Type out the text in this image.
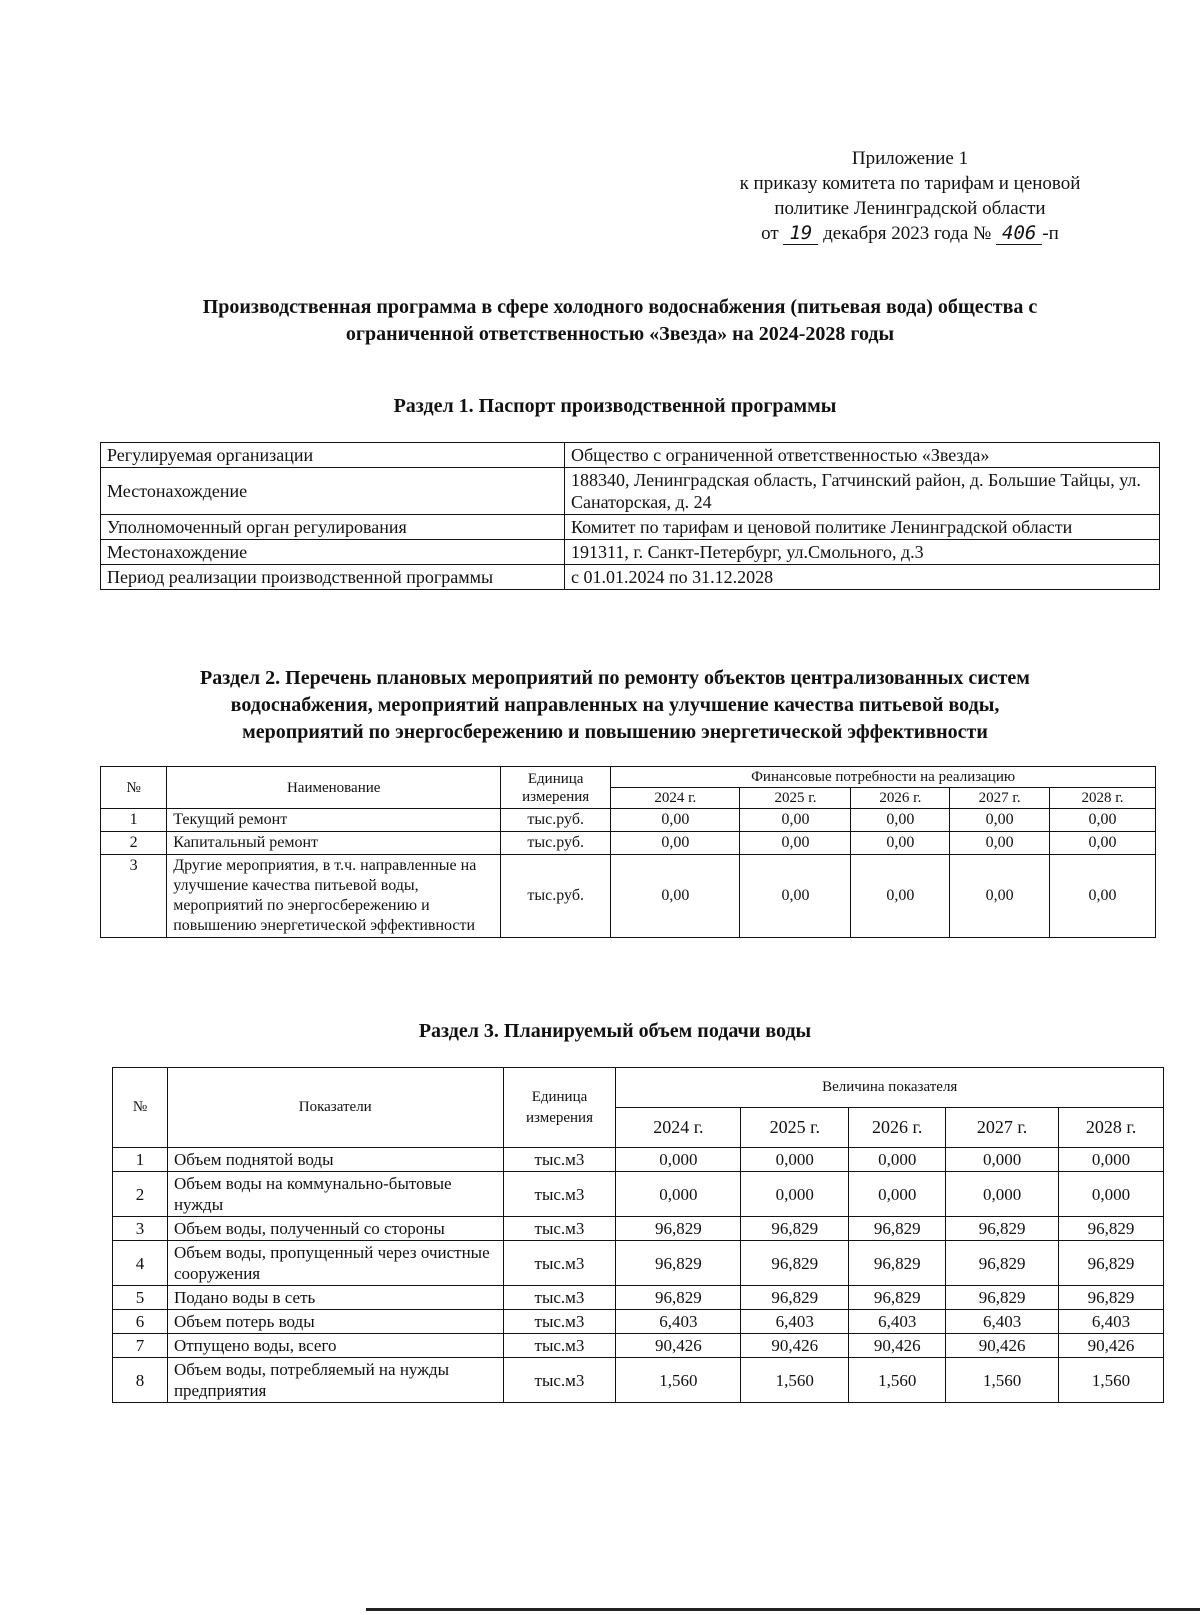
Приложение 1
к приказу комитета по тарифам и ценовой
политике Ленинградской области
от 19 декабря 2023 года № 406 -п
Производственная программа в сфере холодного водоснабжения (питьевая вода) общества с
ограниченной ответственностью «Звезда» на 2024-2028 годы
Раздел 1. Паспорт производственной программы
Регулируемая организации	Общество с ограниченной ответственностью «Звезда»
Местонахождение	188340, Ленинградская область, Гатчинский район, д. Большие Тайцы, ул. Санаторская, д. 24
Уполномоченный орган регулирования	Комитет по тарифам и ценовой политике Ленинградской области
Местонахождение	191311, г. Санкт-Петербург, ул.Смольного, д.3
Период реализации производственной программы	с 01.01.2024 по 31.12.2028
Раздел 2. Перечень плановых мероприятий по ремонту объектов централизованных систем
водоснабжения, мероприятий направленных на улучшение качества питьевой воды,
мероприятий по энергосбережению и повышению энергетической эффективности
№	Наименование	Единица измерения	Финансовые потребности на реализацию				
			2024 г.	2025 г.	2026 г.	2027 г.	2028 г.
1	Текущий ремонт	тыс.руб.	0,00	0,00	0,00	0,00	0,00
2	Капитальный ремонт	тыс.руб.	0,00	0,00	0,00	0,00	0,00
3	Другие мероприятия, в т.ч. направленные на улучшение качества питьевой воды, мероприятий по энергосбережению и повышению энергетической эффективности	тыс.руб.	0,00	0,00	0,00	0,00	0,00
Раздел 3. Планируемый объем подачи воды
№	Показатели	Единица измерения	Величина показателя				
			2024 г.	2025 г.	2026 г.	2027 г.	2028 г.
1	Объем поднятой воды	тыс.м3	0,000	0,000	0,000	0,000	0,000
2	Объем воды на коммунально-бытовые нужды	тыс.м3	0,000	0,000	0,000	0,000	0,000
3	Объем воды, полученный со стороны	тыс.м3	96,829	96,829	96,829	96,829	96,829
4	Объем воды, пропущенный через очистные сооружения	тыс.м3	96,829	96,829	96,829	96,829	96,829
5	Подано воды в сеть	тыс.м3	96,829	96,829	96,829	96,829	96,829
6	Объем потерь воды	тыс.м3	6,403	6,403	6,403	6,403	6,403
7	Отпущено воды, всего	тыс.м3	90,426	90,426	90,426	90,426	90,426
8	Объем воды, потребляемый на нужды предприятия	тыс.м3	1,560	1,560	1,560	1,560	1,560
